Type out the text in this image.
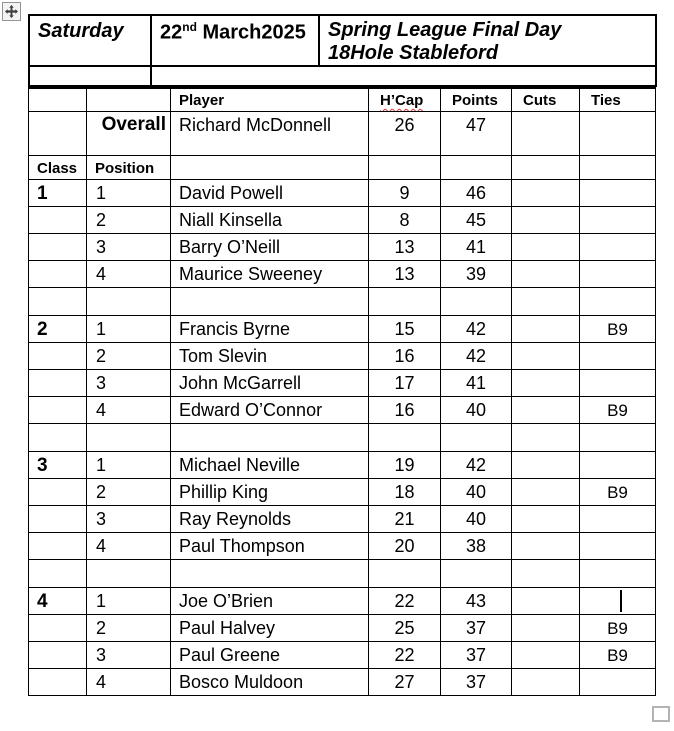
Saturday	22nd March2025	Spring League Final Day
18Hole Stableford

		Player	H’Cap	Points	Cuts	Ties
	Overall	Richard McDonnell	26	47		
Class	Position					
1	1	David Powell	9	46		
	2	Niall Kinsella	8	45		
	3	Barry O’Neill	13	41		
	4	Maurice Sweeney	13	39		

2	1	Francis Byrne	15	42		B9
	2	Tom Slevin	16	42		
	3	John McGarrell	17	41		
	4	Edward O’Connor	16	40		B9

3	1	Michael Neville	19	42		
	2	Phillip King	18	40		B9
	3	Ray Reynolds	21	40		
	4	Paul Thompson	20	38		

4	1	Joe O’Brien	22	43		

	2	Paul Halvey	25	37		B9
	3	Paul Greene	22	37		B9
	4	Bosco Muldoon	27	37		
